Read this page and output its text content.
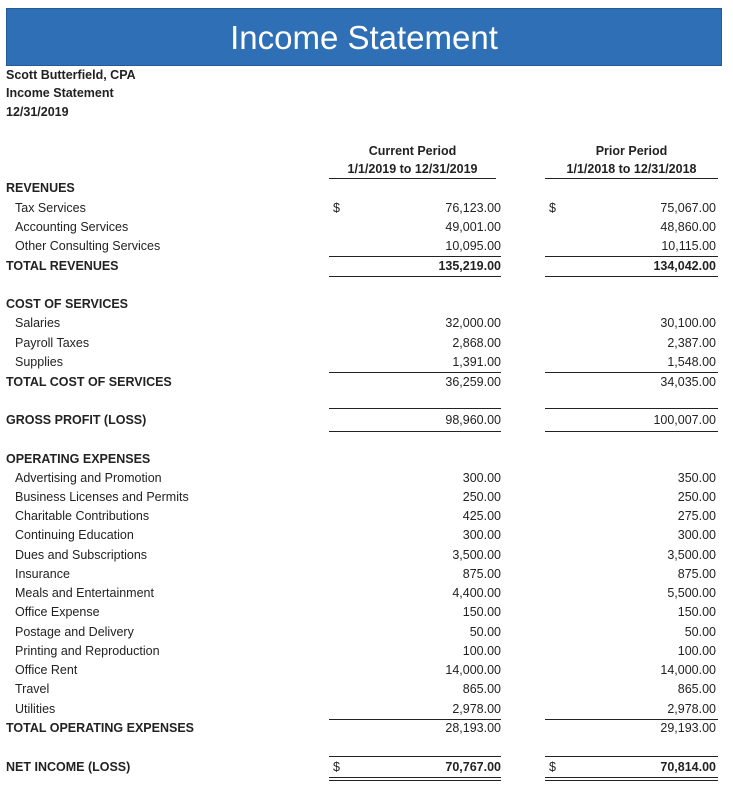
Income Statement
Scott Butterfield, CPA
Income Statement
12/31/2019
Current Period
1/1/2019 to 12/31/2019
Prior Period
1/1/2018 to 12/31/2018
REVENUES
Tax Services	$	76,123.00	$	75,067.00
Accounting Services	49,001.00	48,860.00
Other Consulting Services	10,095.00	10,115.00
TOTAL REVENUES	135,219.00	134,042.00
COST OF SERVICES
Salaries	32,000.00	30,100.00
Payroll Taxes	2,868.00	2,387.00
Supplies	1,391.00	1,548.00
TOTAL COST OF SERVICES	36,259.00	34,035.00
GROSS PROFIT (LOSS)	98,960.00	100,007.00
OPERATING EXPENSES
Advertising and Promotion	300.00	350.00
Business Licenses and Permits	250.00	250.00
Charitable Contributions	425.00	275.00
Continuing Education	300.00	300.00
Dues and Subscriptions	3,500.00	3,500.00
Insurance	875.00	875.00
Meals and Entertainment	4,400.00	5,500.00
Office Expense	150.00	150.00
Postage and Delivery	50.00	50.00
Printing and Reproduction	100.00	100.00
Office Rent	14,000.00	14,000.00
Travel	865.00	865.00
Utilities	2,978.00	2,978.00
TOTAL OPERATING EXPENSES	28,193.00	29,193.00
NET INCOME (LOSS)	$	70,767.00	$	70,814.00
